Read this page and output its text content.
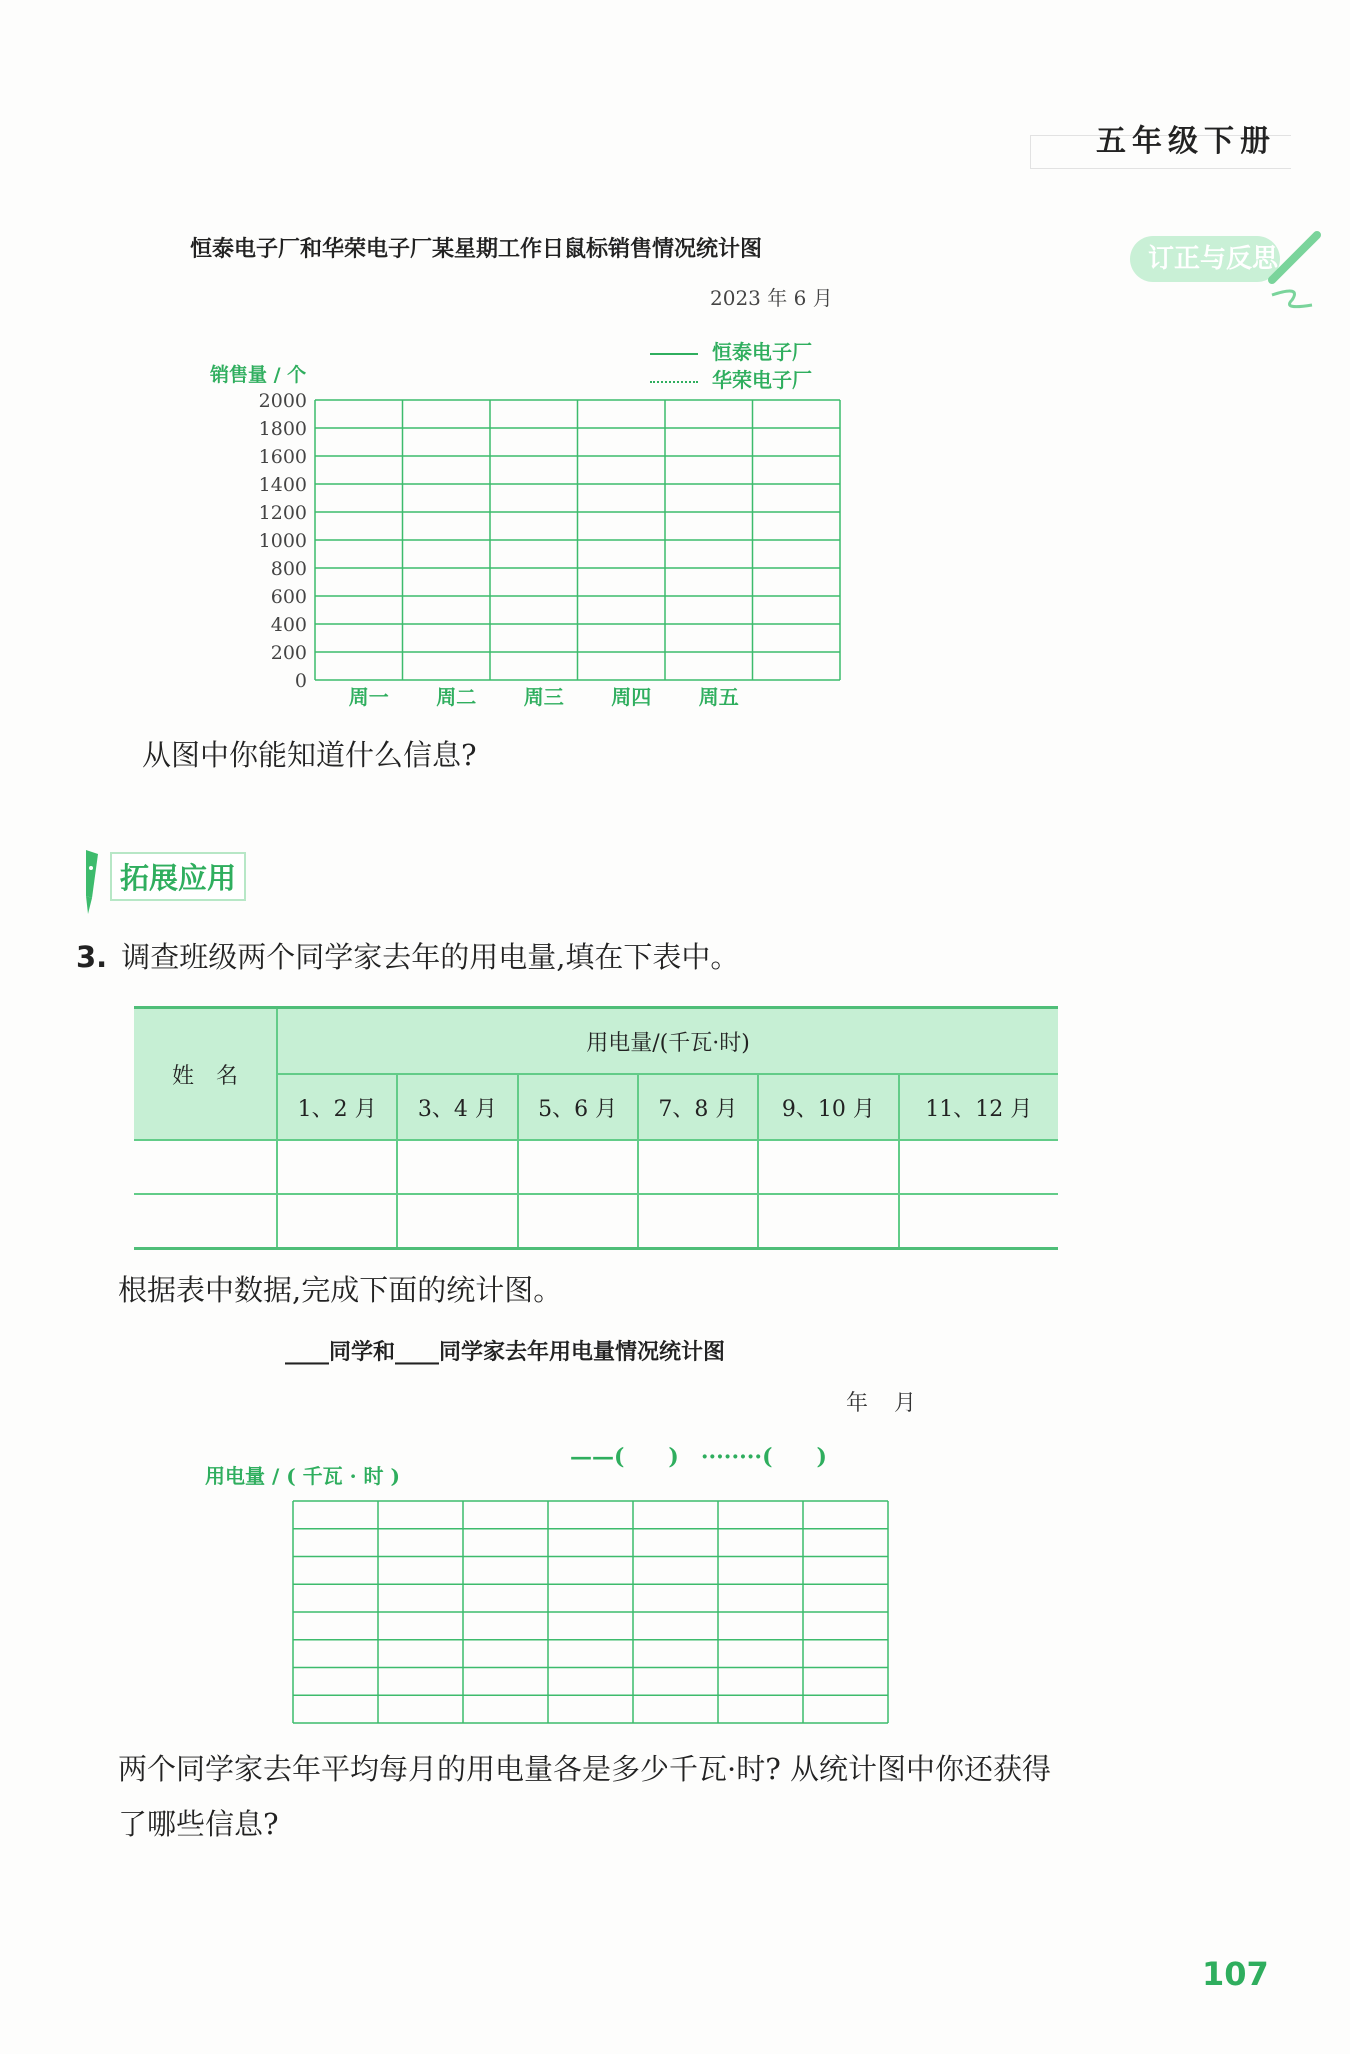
五年级下册
订正与反思
恒泰电子厂和华荣电子厂某星期工作日鼠标销售情况统计图
2023 年 6 月
销售量 / 个
恒泰电子厂
华荣电子厂
0
200
400
600
800
1000
1200
1400
1600
1800
2000
周一 周二 周三 周四 周五
从图中你能知道什么信息?
拓展应用
3. 调查班级两个同学家去年的用电量,填在下表中。
姓　名	用电量/(千瓦·时)					
	1、2 月	3、4 月	5、6 月	7、8 月	9、10 月	11、12 月

根据表中数据,完成下面的统计图。
____同学和____同学家去年用电量情况统计图
年　月
——(　　)　········(　　)
用电量 / ( 千瓦 · 时 )
两个同学家去年平均每月的用电量各是多少千瓦·时? 从统计图中你还获得了哪些信息?
107
